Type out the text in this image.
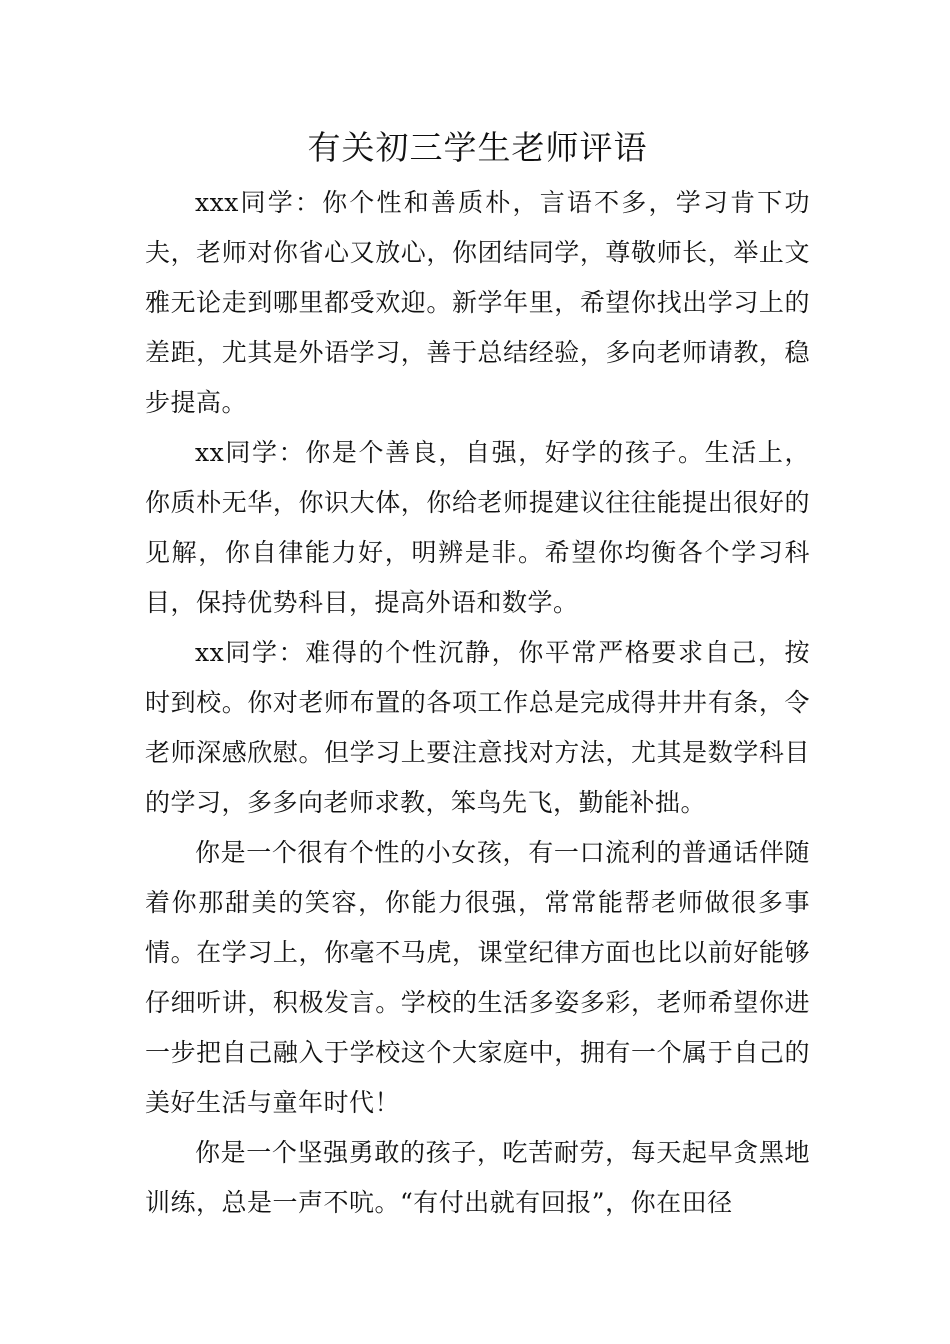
有关初三学生老师评语

xxx同学：你个性和善质朴，言语不多，学习肯下功夫，老师对你省心又放心，你团结同学，尊敬师长，举止文雅无论走到哪里都受欢迎。新学年里，希望你找出学习上的差距，尤其是外语学习，善于总结经验，多向老师请教，稳步提高。

xx同学：你是个善良，自强，好学的孩子。生活上，你质朴无华，你识大体，你给老师提建议往往能提出很好的见解，你自律能力好，明辨是非。希望你均衡各个学习科目，保持优势科目，提高外语和数学。

xx同学：难得的个性沉静，你平常严格要求自己，按时到校。你对老师布置的各项工作总是完成得井井有条，令老师深感欣慰。但学习上要注意找对方法，尤其是数学科目的学习，多多向老师求教，笨鸟先飞，勤能补拙。

你是一个很有个性的小女孩，有一口流利的普通话伴随着你那甜美的笑容，你能力很强，常常能帮老师做很多事情。在学习上，你毫不马虎，课堂纪律方面也比以前好能够仔细听讲，积极发言。学校的生活多姿多彩，老师希望你进一步把自己融入于学校这个大家庭中，拥有一个属于自己的美好生活与童年时代！

你是一个坚强勇敢的孩子，吃苦耐劳，每天起早贪黑地训练，总是一声不吭。“有付出就有回报”，你在田径
